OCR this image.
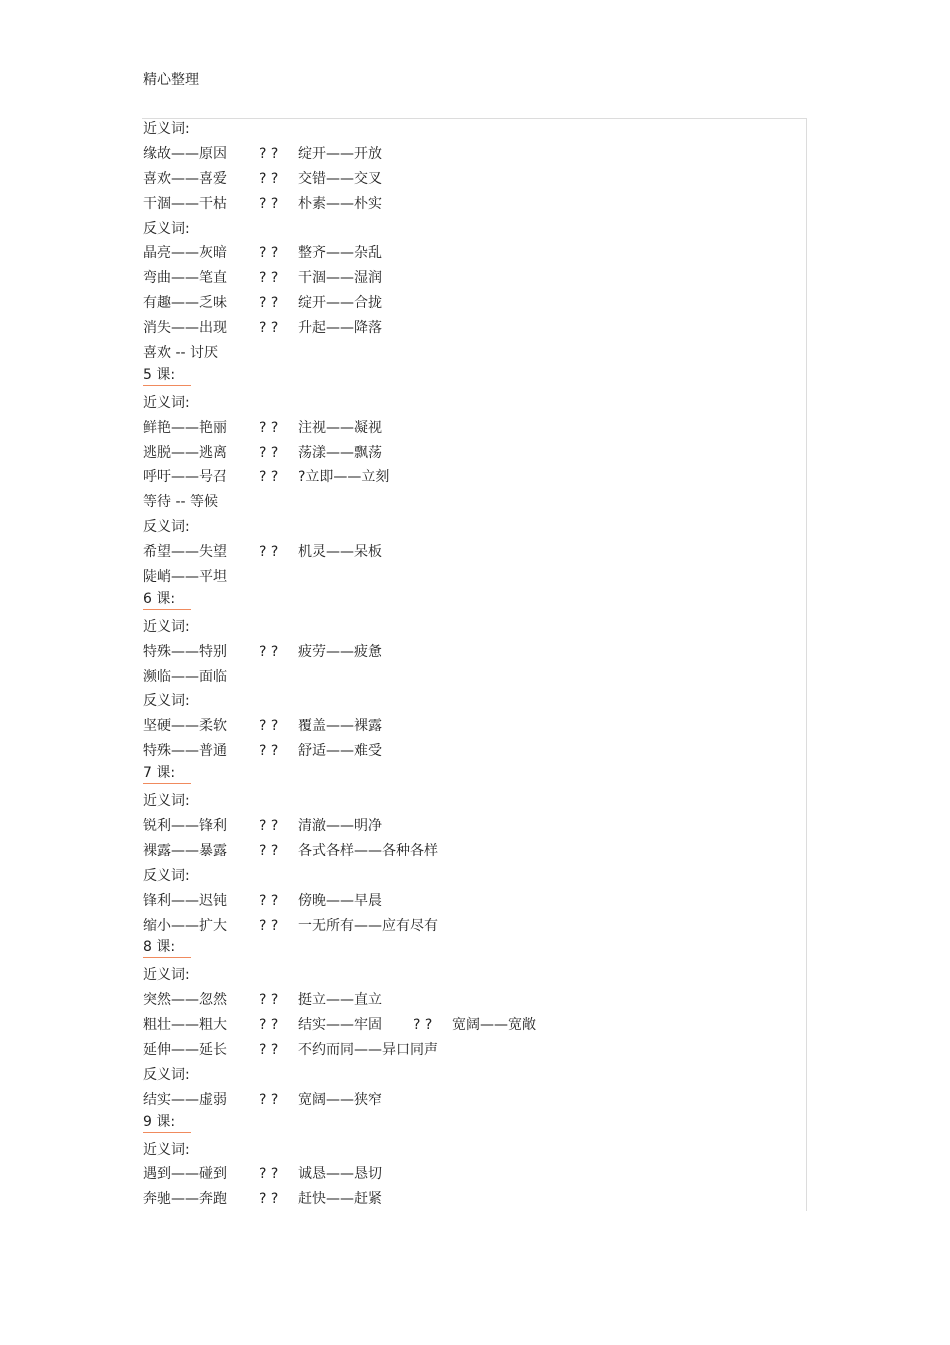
精心整理
近义词:
缘故——原因 ? ? 绽开——开放
喜欢——喜爱 ? ? 交错——交叉
干涸——干枯 ? ? 朴素——朴实
反义词:
晶亮——灰暗 ? ? 整齐——杂乱
弯曲——笔直 ? ? 干涸——湿润
有趣——乏味 ? ? 绽开——合拢
消失——出现 ? ? 升起——降落
喜欢 -- 讨厌
5 课:
近义词:
鲜艳——艳丽 ? ? 注视——凝视
逃脱——逃离 ? ? 荡漾——飘荡
呼吁——号召 ? ? ?立即——立刻
等待 -- 等候
反义词:
希望——失望 ? ? 机灵——呆板
陡峭——平坦
6 课:
近义词:
特殊——特别 ? ? 疲劳——疲惫
濒临——面临
反义词:
坚硬——柔软 ? ? 覆盖——裸露
特殊——普通 ? ? 舒适——难受
7 课:
近义词:
锐利——锋利 ? ? 清澈——明净
裸露——暴露 ? ? 各式各样——各种各样
反义词:
锋利——迟钝 ? ? 傍晚——早晨
缩小——扩大 ? ? 一无所有——应有尽有
8 课:
近义词:
突然——忽然 ? ? 挺立——直立
粗壮——粗大 ? ? 结实——牢固 ? ? 宽阔——宽敞
延伸——延长 ? ? 不约而同——异口同声
反义词:
结实——虚弱 ? ? 宽阔——狭窄
9 课:
近义词:
遇到——碰到 ? ? 诚恳——恳切
奔驰——奔跑 ? ? 赶快——赶紧
